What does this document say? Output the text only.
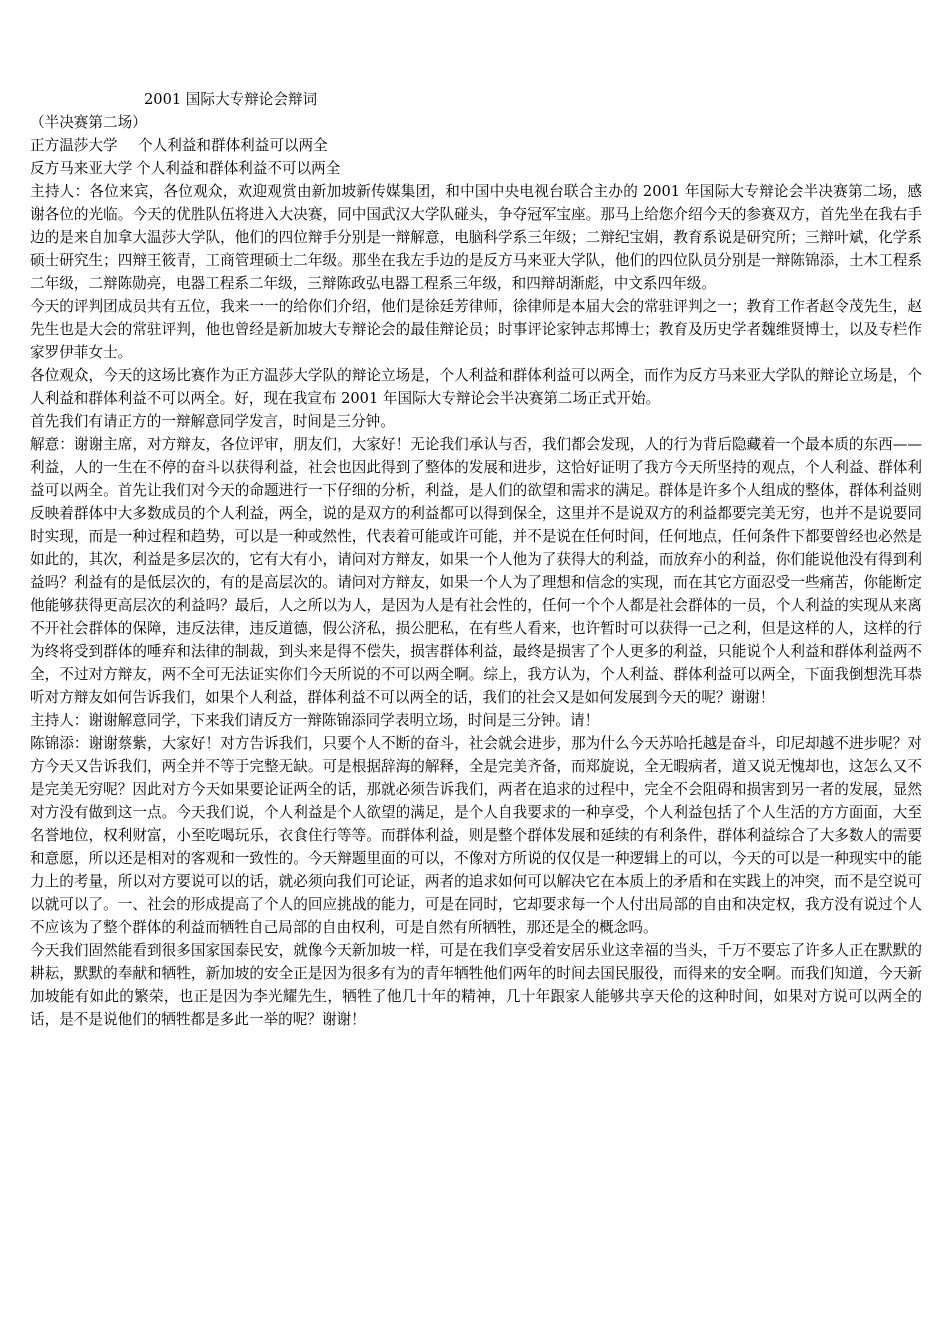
2001 国际大专辩论会辩词
（半决赛第二场）
正方温莎大学 个人利益和群体利益可以两全
反方马来亚大学 个人利益和群体利益不可以两全

主持人：各位来宾，各位观众，欢迎观赏由新加坡新传媒集团，和中国中央电视台联合主办的 2001 年国际大专辩论会半决赛第二场，感谢各位的光临。今天的优胜队伍将进入大决赛，同中国武汉大学队碰头，争夺冠军宝座。那马上给您介绍今天的参赛双方，首先坐在我右手边的是来自加拿大温莎大学队，他们的四位辩手分别是一辩解意，电脑科学系三年级；二辩纪宝娟，教育系说是研究所；三辩叶斌，化学系硕士研究生；四辩王筱青，工商管理硕士二年级。那坐在我左手边的是反方马来亚大学队，他们的四位队员分别是一辩陈锦添，土木工程系二年级，二辩陈勋亮，电器工程系二年级，三辩陈政弘电器工程系三年级，和四辩胡渐彪，中文系四年级。

今天的评判团成员共有五位，我来一一的给你们介绍，他们是徐廷芳律师，徐律师是本届大会的常驻评判之一；教育工作者赵令茂先生，赵先生也是大会的常驻评判，他也曾经是新加坡大专辩论会的最佳辩论员；时事评论家钟志邦博士；教育及历史学者魏维贤博士，以及专栏作家罗伊菲女士。

各位观众，今天的这场比赛作为正方温莎大学队的辩论立场是，个人利益和群体利益可以两全，而作为反方马来亚大学队的辩论立场是，个人利益和群体利益不可以两全。好，现在我宣布 2001 年国际大专辩论会半决赛第二场正式开始。

首先我们有请正方的一辩解意同学发言，时间是三分钟。

解意：谢谢主席，对方辩友，各位评审，朋友们，大家好！无论我们承认与否，我们都会发现，人的行为背后隐藏着一个最本质的东西——利益，人的一生在不停的奋斗以获得利益，社会也因此得到了整体的发展和进步，这恰好证明了我方今天所坚持的观点，个人利益、群体利益可以两全。首先让我们对今天的命题进行一下仔细的分析，利益，是人们的欲望和需求的满足。群体是许多个人组成的整体，群体利益则反映着群体中大多数成员的个人利益，两全，说的是双方的利益都可以得到保全，这里并不是说双方的利益都要完美无穷，也并不是说要同时实现，而是一种过程和趋势，可以是一种或然性，代表着可能或许可能，并不是说在任何时间，任何地点，任何条件下都要曾经也必然是如此的，其次，利益是多层次的，它有大有小，请问对方辩友，如果一个人他为了获得大的利益，而放弃小的利益，你们能说他没有得到利益吗？利益有的是低层次的，有的是高层次的。请问对方辩友，如果一个人为了理想和信念的实现，而在其它方面忍受一些痛苦，你能断定他能够获得更高层次的利益吗？最后，人之所以为人，是因为人是有社会性的，任何一个个人都是社会群体的一员，个人利益的实现从来离不开社会群体的保障，违反法律，违反道德，假公济私，损公肥私，在有些人看来，也许暂时可以获得一己之利，但是这样的人，这样的行为终将受到群体的唾弃和法律的制裁，到头来是得不偿失，损害群体利益，最终是损害了个人更多的利益，只能说个人利益和群体利益两不全，不过对方辩友，两不全可无法证实你们今天所说的不可以两全啊。综上，我方认为，个人利益、群体利益可以两全，下面我倒想洗耳恭听对方辩友如何告诉我们，如果个人利益，群体利益不可以两全的话，我们的社会又是如何发展到今天的呢？谢谢！

主持人：谢谢解意同学，下来我们请反方一辩陈锦添同学表明立场，时间是三分钟。请！

陈锦添：谢谢蔡紫，大家好！对方告诉我们，只要个人不断的奋斗，社会就会进步，那为什么今天苏哈托越是奋斗，印尼却越不进步呢？对方今天又告诉我们，两全并不等于完整无缺。可是根据辞海的解释，全是完美齐备，而郑旋说，全无暇病者，道又说无愧却也，这怎么又不是完美无穷呢？因此对方今天如果要论证两全的话，那就必须告诉我们，两者在追求的过程中，完全不会阻碍和损害到另一者的发展，显然对方没有做到这一点。今天我们说，个人利益是个人欲望的满足，是个人自我要求的一种享受，个人利益包括了个人生活的方方面面，大至名誉地位，权利财富，小至吃喝玩乐，衣食住行等等。而群体利益，则是整个群体发展和延续的有利条件，群体利益综合了大多数人的需要和意愿，所以还是相对的客观和一致性的。今天辩题里面的可以，不像对方所说的仅仅是一种逻辑上的可以，今天的可以是一种现实中的能力上的考量，所以对方要说可以的话，就必须向我们可论证，两者的追求如何可以解决它在本质上的矛盾和在实践上的冲突，而不是空说可以就可以了。一、社会的形成提高了个人的回应挑战的能力，可是在同时，它却要求每一个人付出局部的自由和决定权，我方没有说过个人不应该为了整个群体的利益而牺牲自己局部的自由权利，可是自然有所牺牲，那还是全的概念吗。

今天我们固然能看到很多国家国泰民安，就像今天新加坡一样，可是在我们享受着安居乐业这幸福的当头，千万不要忘了许多人正在默默的耕耘，默默的奉献和牺牲，新加坡的安全正是因为很多有为的青年牺牲他们两年的时间去国民服役，而得来的安全啊。而我们知道，今天新加坡能有如此的繁荣，也正是因为李光耀先生，牺牲了他几十年的精神，几十年跟家人能够共享天伦的这种时间，如果对方说可以两全的话，是不是说他们的牺牲都是多此一举的呢？谢谢！
